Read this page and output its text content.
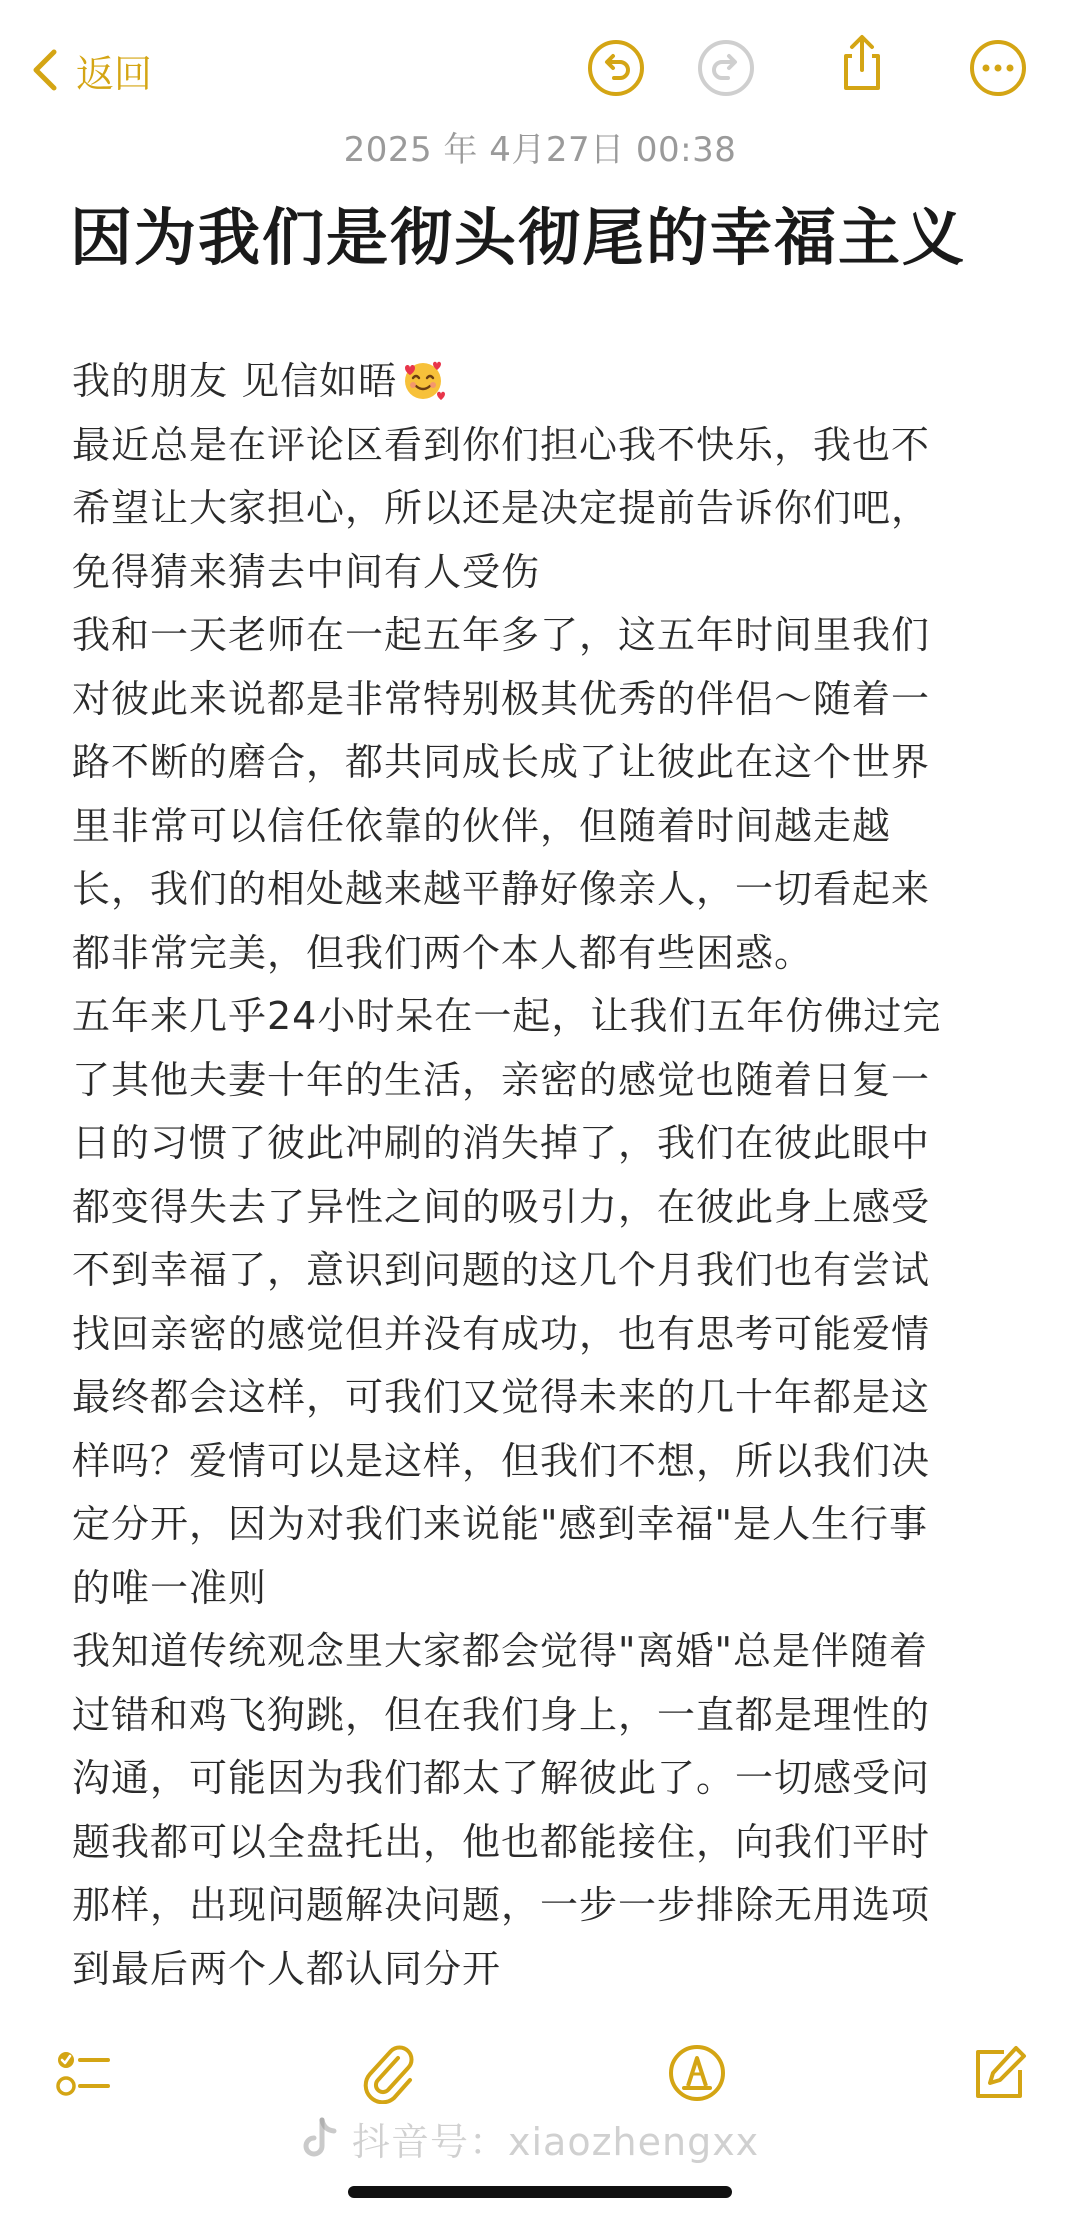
返回
2025 年 4月27日 00:38
因为我们是彻头彻尾的幸福主义
我的朋友 见信如晤
最近总是在评论区看到你们担心我不快乐，我也不
希望让大家担心，所以还是决定提前告诉你们吧，
免得猜来猜去中间有人受伤
我和一天老师在一起五年多了，这五年时间里我们
对彼此来说都是非常特别极其优秀的伴侣～随着一
路不断的磨合，都共同成长成了让彼此在这个世界
里非常可以信任依靠的伙伴，但随着时间越走越
长，我们的相处越来越平静好像亲人，一切看起来
都非常完美，但我们两个本人都有些困惑。
五年来几乎24小时呆在一起，让我们五年仿佛过完
了其他夫妻十年的生活，亲密的感觉也随着日复一
日的习惯了彼此冲刷的消失掉了，我们在彼此眼中
都变得失去了异性之间的吸引力，在彼此身上感受
不到幸福了，意识到问题的这几个月我们也有尝试
找回亲密的感觉但并没有成功，也有思考可能爱情
最终都会这样，可我们又觉得未来的几十年都是这
样吗？爱情可以是这样，但我们不想，所以我们决
定分开，因为对我们来说能"感到幸福"是人生行事
的唯一准则
我知道传统观念里大家都会觉得"离婚"总是伴随着
过错和鸡飞狗跳，但在我们身上，一直都是理性的
沟通，可能因为我们都太了解彼此了。一切感受问
题我都可以全盘托出，他也都能接住，向我们平时
那样，出现问题解决问题，一步一步排除无用选项
到最后两个人都认同分开
抖音号：xiaozhengxx
